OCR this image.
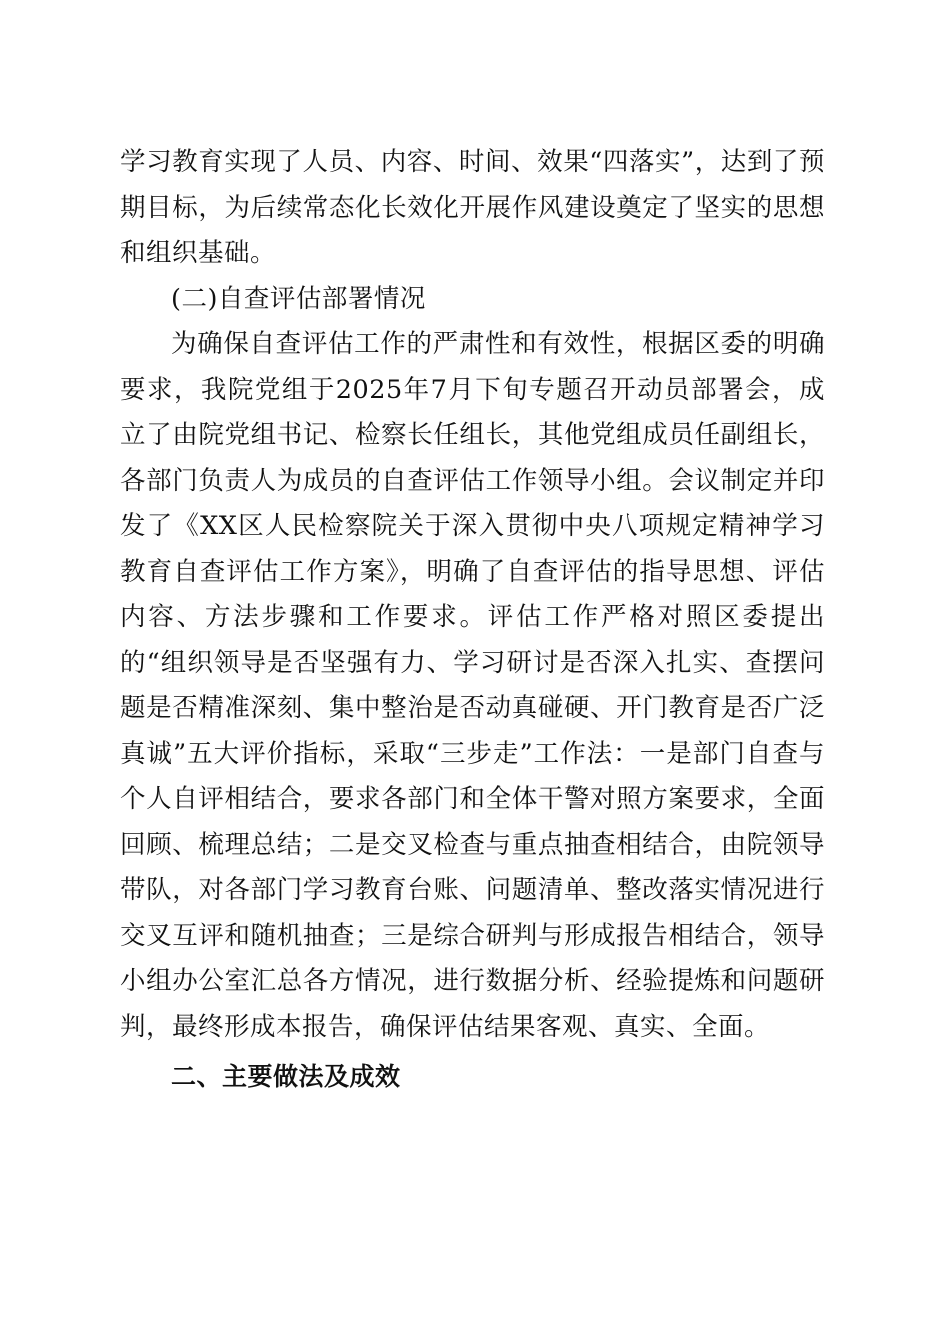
学习教育实现了人员、内容、时间、效果“四落实”，达到了预期目标，为后续常态化长效化开展作风建设奠定了坚实的思想和组织基础。

(二)自查评估部署情况

为确保自查评估工作的严肃性和有效性，根据区委的明确要求，我院党组于2025年7月下旬专题召开动员部署会，成立了由院党组书记、检察长任组长，其他党组成员任副组长，各部门负责人为成员的自查评估工作领导小组。会议制定并印发了《XX区人民检察院关于深入贯彻中央八项规定精神学习教育自查评估工作方案》，明确了自查评估的指导思想、评估内容、方法步骤和工作要求。评估工作严格对照区委提出的“组织领导是否坚强有力、学习研讨是否深入扎实、查摆问题是否精准深刻、集中整治是否动真碰硬、开门教育是否广泛真诚”五大评价指标，采取“三步走”工作法：一是部门自查与个人自评相结合，要求各部门和全体干警对照方案要求，全面回顾、梳理总结；二是交叉检查与重点抽查相结合，由院领导带队，对各部门学习教育台账、问题清单、整改落实情况进行交叉互评和随机抽查；三是综合研判与形成报告相结合，领导小组办公室汇总各方情况，进行数据分析、经验提炼和问题研判，最终形成本报告，确保评估结果客观、真实、全面。

二、主要做法及成效
